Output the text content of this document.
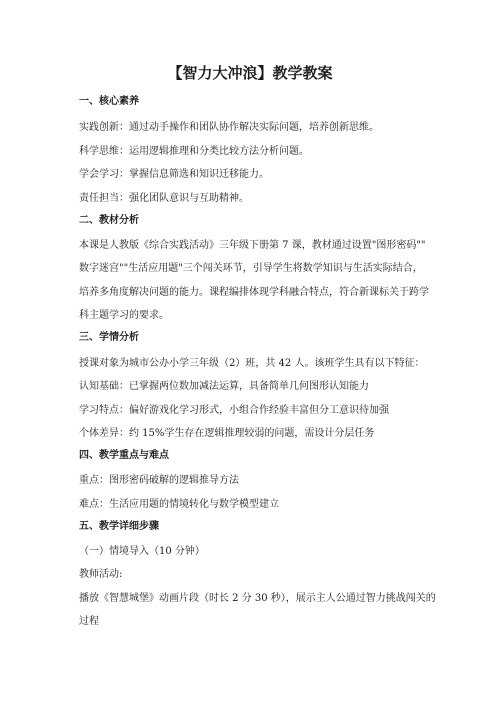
【智力大冲浪】教学教案
一、核心素养
实践创新：通过动手操作和团队协作解决实际问题，培养创新思维。
科学思维：运用逻辑推理和分类比较方法分析问题。
学会学习：掌握信息筛选和知识迁移能力。
责任担当：强化团队意识与互助精神。
二、教材分析
本课是人教版《综合实践活动》三年级下册第 7 课，教材通过设置"图形密码""
数字迷宫""生活应用题"三个闯关环节，引导学生将数学知识与生活实际结合，
培养多角度解决问题的能力。课程编排体现学科融合特点，符合新课标关于跨学
科主题学习的要求。
三、学情分析
授课对象为城市公办小学三年级（2）班，共 42 人。该班学生具有以下特征：
认知基础：已掌握两位数加减法运算，具备简单几何图形认知能力
学习特点：偏好游戏化学习形式，小组合作经验丰富但分工意识待加强
个体差异：约 15%学生存在逻辑推理较弱的问题，需设计分层任务
四、教学重点与难点
重点：图形密码破解的逻辑推导方法
难点：生活应用题的情境转化与数学模型建立
五、教学详细步骤
（一）情境导入（10 分钟）
教师活动:
播放《智慧城堡》动画片段（时长 2 分 30 秒），展示主人公通过智力挑战闯关的
过程
